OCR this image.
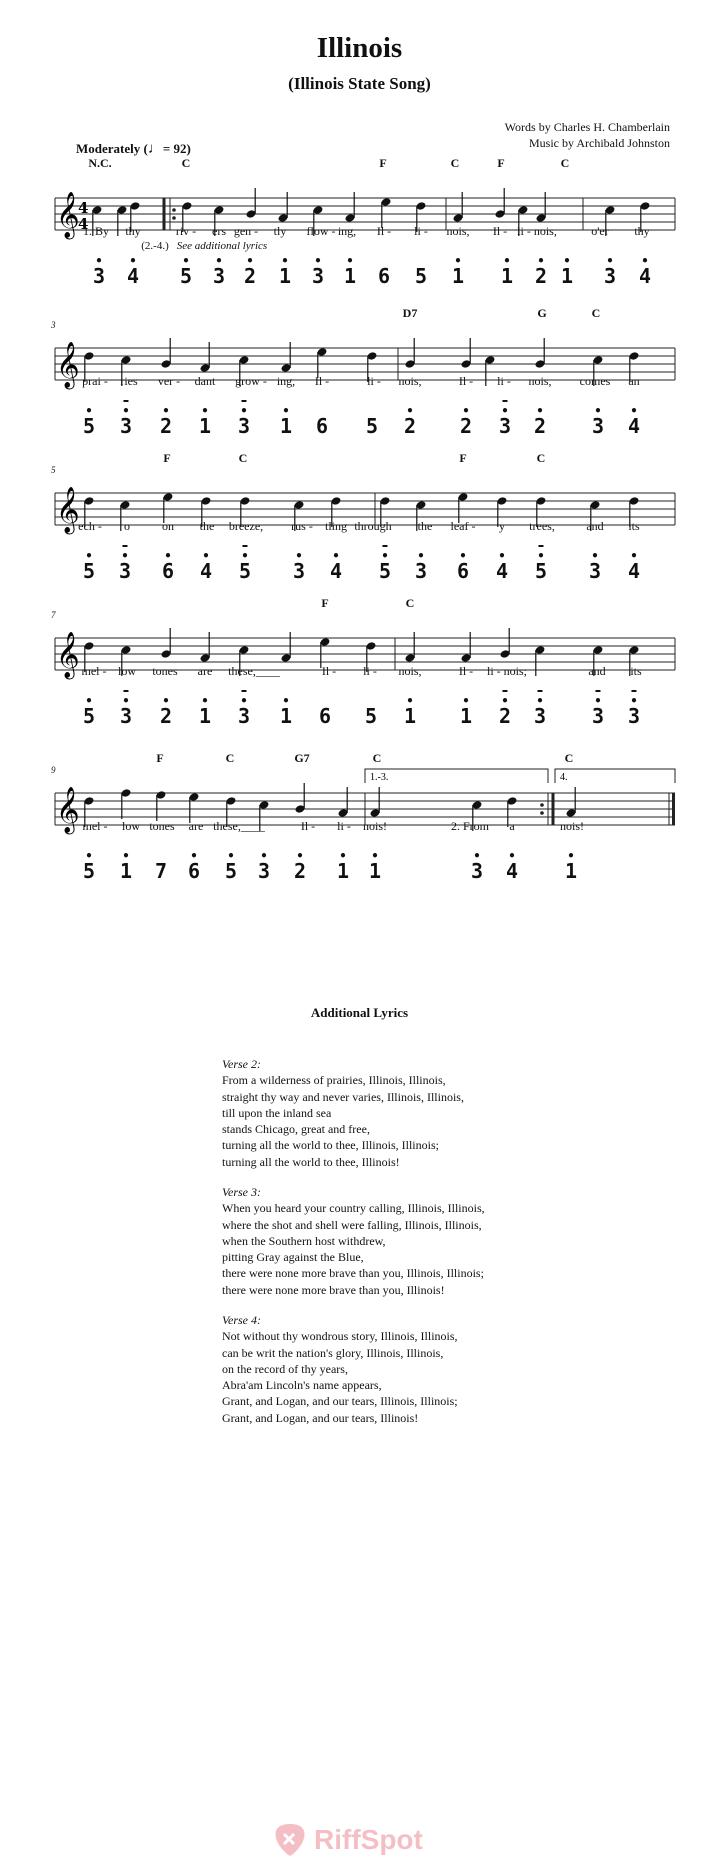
Illinois
(Illinois State Song)
Words by Charles H. Chamberlain
Music by Archibald Johnston
Moderately (♩= 92)
𝄞
4
4
N.C.	C	F	C	F	C
1. By thy	riv - ers gen - tly flow - ing, Il - li - nois, Il - li - nois,	o'er thy
(2.-4.) See additional lyrics
• 3 • 4 • 5 • 3 • 2 • 1 • 3 • 1 6 5 • 1 • 1 • 2 • 1 • 3 • 4
𝄞
3
D7	G	C
prai - ries ver - dant grow - ing, Il -	li - nois,	Il - li - nois, comes an
• 5 • 3 • 2 • 1 • 3 • 1 6 5 • 2 • 2 • 3 • 2 • 3 • 4
𝄞
5
F	C	F	C
ech - o	on the breeze, rus - tling through the leaf - y trees,	and its
• 5 • 3 • 6 • 4 • 5 • 3 • 4 • 5 • 3 • 6 • 4 • 5 • 3 • 4
𝄞
7
F	C
mel - low tones are these,____	Il - li - nois,	Il - li - nois;	and its
• 5 • 3 • 2 • 1 • 3 • 1 6 5 • 1 • 1 • 2 • 3 • 3 • 3
𝄞
1.-3.	4.
9
F	C	G7	C	C
mel - low tones are these,____	Il - li - nois!	2. From a	nois!
• 5 • 1 7 • 6 • 5 • 3 • 2 • 1 • 1	• 3 • 4 • 1
Additional Lyrics
Verse 2:
From a wilderness of prairies, Illinois, Illinois,
straight thy way and never varies, Illinois, Illinois,
till upon the inland sea
stands Chicago, great and free,
turning all the world to thee, Illinois, Illinois;
turning all the world to thee, Illinois!
Verse 3:
When you heard your country calling, Illinois, Illinois,
where the shot and shell were falling, Illinois, Illinois,
when the Southern host withdrew,
pitting Gray against the Blue,
there were none more brave than you, Illinois, Illinois;
there were none more brave than you, Illinois!
Verse 4:
Not without thy wondrous story, Illinois, Illinois,
can be writ the nation's glory, Illinois, Illinois,
on the record of thy years,
Abra'am Lincoln's name appears,
Grant, and Logan, and our tears, Illinois, Illinois;
Grant, and Logan, and our tears, Illinois!
RiffSpot
